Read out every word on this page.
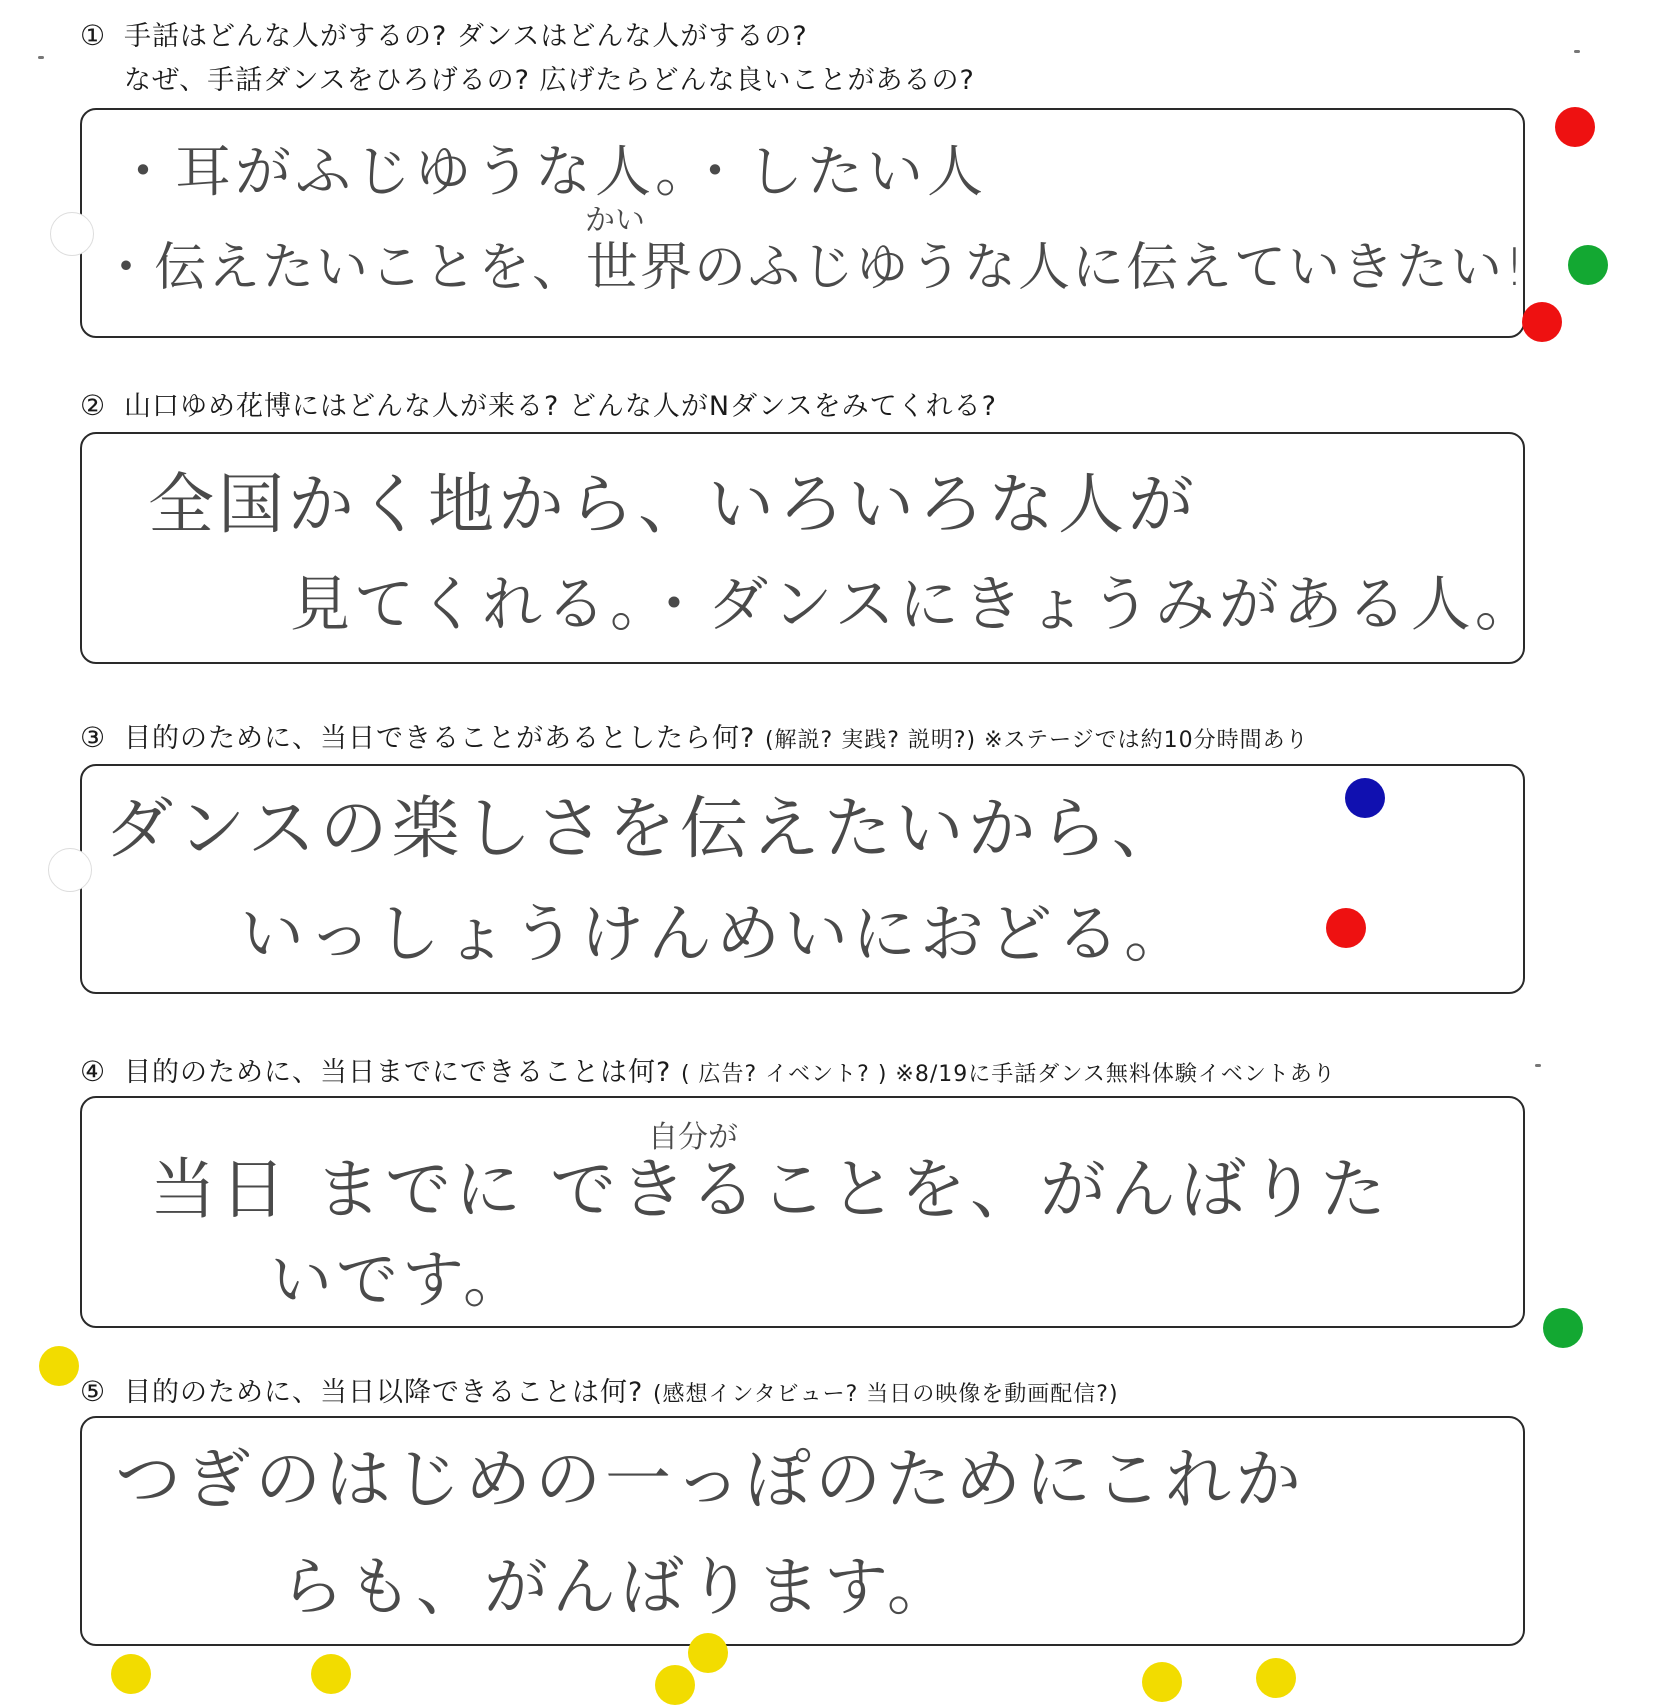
① 手話はどんな人がするの? ダンスはどんな人がするの?
なぜ、手話ダンスをひろげるの? 広げたらどんな良いことがあるの?
・耳がふじゆうな人。・したい人
かい
・伝えたいことを、世界のふじゆうな人に伝えていきたい!
② 山口ゆめ花博にはどんな人が来る? どんな人がNダンスをみてくれる?
全国かく地から、いろいろな人が
見てくれる。・ダンスにきょうみがある人。
③ 目的のために、当日できることがあるとしたら何? (解説? 実践? 説明?) ※ステージでは約10分時間あり
ダンスの楽しさを伝えたいから、
いっしょうけんめいにおどる。
④ 目的のために、当日までにできることは何? ( 広告? イベント? ) ※8/19に手話ダンス無料体験イベントあり
自分が
当日 までに できることを、がんばりた
いです。
⑤ 目的のために、当日以降できることは何? (感想インタビュー? 当日の映像を動画配信?)
つぎのはじめの一っぽのためにこれか
らも、がんばります。
